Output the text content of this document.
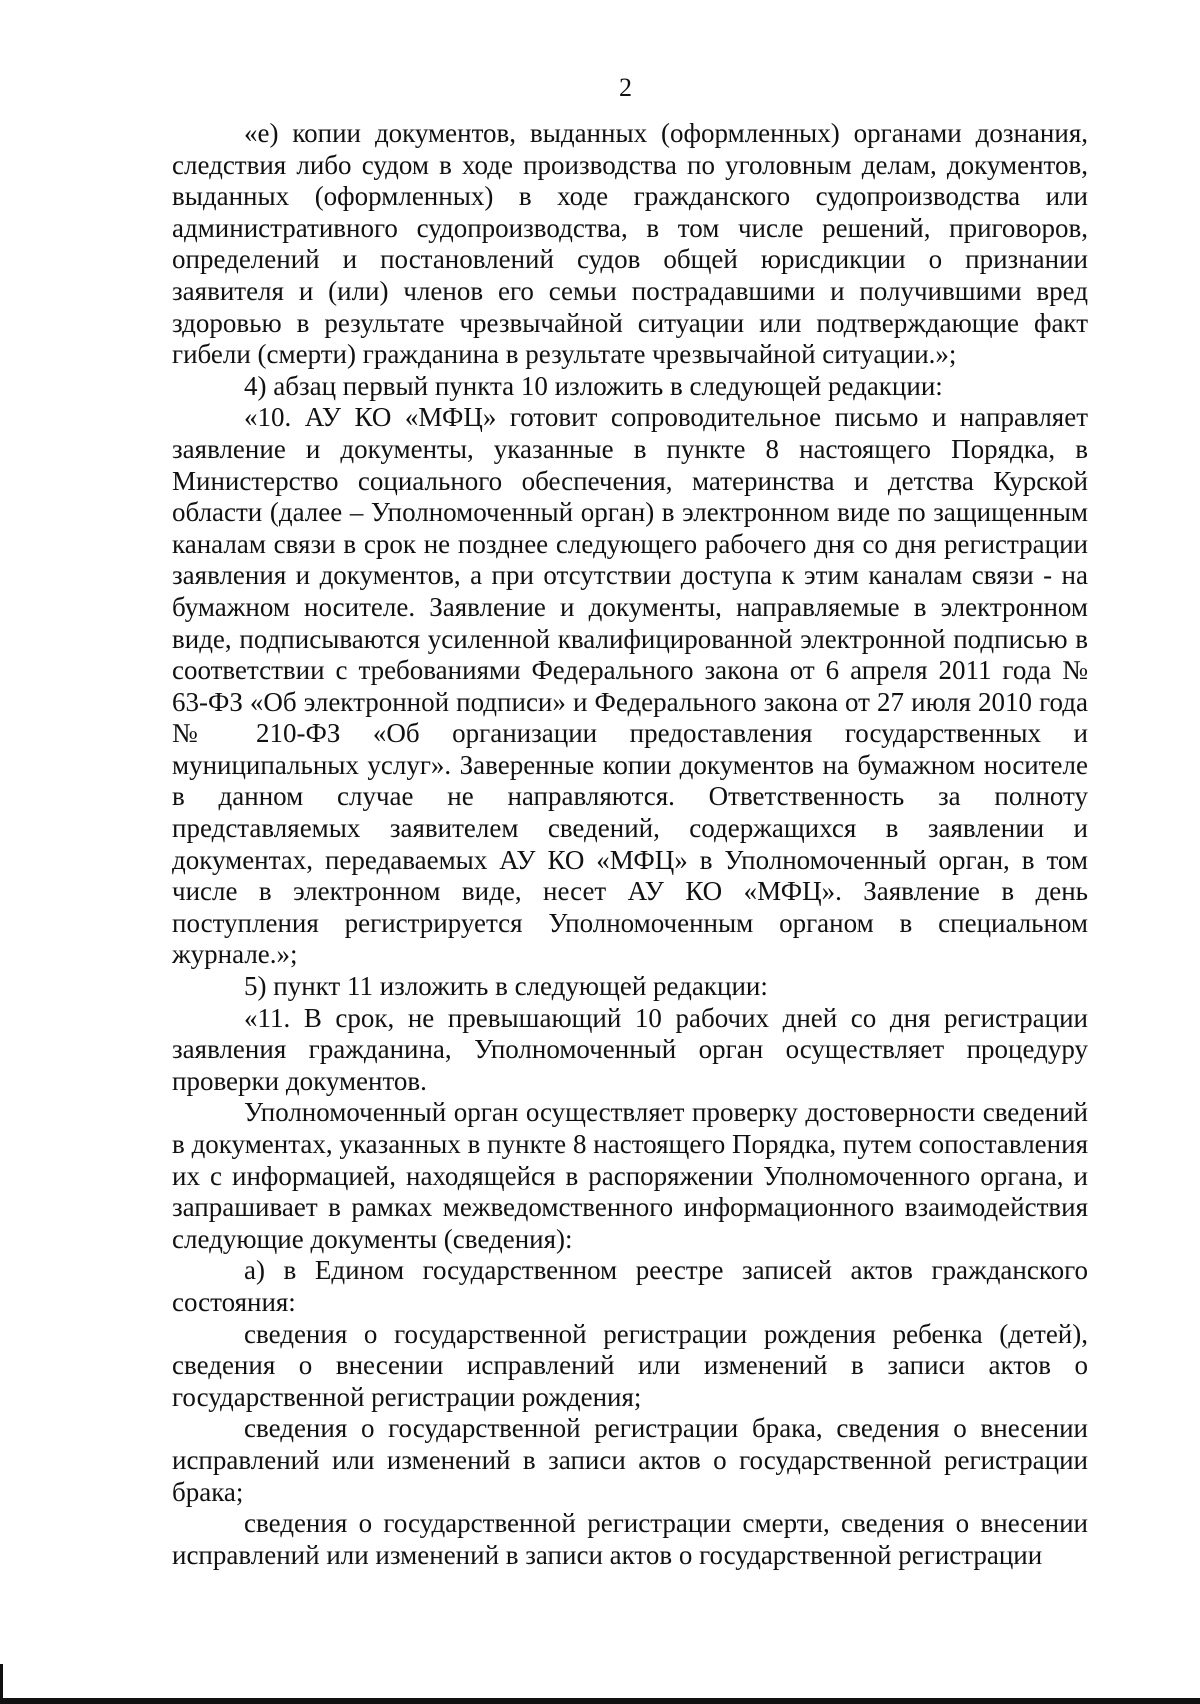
2

«е) копии документов, выданных (оформленных) органами дознания, следствия либо судом в ходе производства по уголовным делам, документов, выданных (оформленных) в ходе гражданского судопроизводства или административного судопроизводства, в том числе решений, приговоров, определений и постановлений судов общей юрисдикции о признании заявителя и (или) членов его семьи пострадавшими и получившими вред здоровью в результате чрезвычайной ситуации или подтверждающие факт гибели (смерти) гражданина в результате чрезвычайной ситуации.»;

4) абзац первый пункта 10 изложить в следующей редакции:

«10. АУ КО «МФЦ» готовит сопроводительное письмо и направляет заявление и документы, указанные в пункте 8 настоящего Порядка, в Министерство социального обеспечения, материнства и детства Курской области (далее – Уполномоченный орган) в электронном виде по защищенным каналам связи в срок не позднее следующего рабочего дня со дня регистрации заявления и документов, а при отсутствии доступа к этим каналам связи - на бумажном носителе. Заявление и документы, направляемые в электронном виде, подписываются усиленной квалифицированной электронной подписью в соответствии с требованиями Федерального закона от 6 апреля 2011 года № 63-ФЗ «Об электронной подписи» и Федерального закона от 27 июля 2010 года № 210-ФЗ «Об организации предоставления государственных и муниципальных услуг». Заверенные копии документов на бумажном носителе в данном случае не направляются. Ответственность за полноту представляемых заявителем сведений, содержащихся в заявлении и документах, передаваемых АУ КО «МФЦ» в Уполномоченный орган, в том числе в электронном виде, несет АУ КО «МФЦ». Заявление в день поступления регистрируется Уполномоченным органом в специальном журнале.»;

5) пункт 11 изложить в следующей редакции:

«11. В срок, не превышающий 10 рабочих дней со дня регистрации заявления гражданина, Уполномоченный орган осуществляет процедуру проверки документов.

Уполномоченный орган осуществляет проверку достоверности сведений в документах, указанных в пункте 8 настоящего Порядка, путем сопоставления их с информацией, находящейся в распоряжении Уполномоченного органа, и запрашивает в рамках межведомственного информационного взаимодействия следующие документы (сведения):

а) в Едином государственном реестре записей актов гражданского состояния:

сведения о государственной регистрации рождения ребенка (детей), сведения о внесении исправлений или изменений в записи актов о государственной регистрации рождения;

сведения о государственной регистрации брака, сведения о внесении исправлений или изменений в записи актов о государственной регистрации брака;

сведения о государственной регистрации смерти, сведения о внесении исправлений или изменений в записи актов о государственной регистрации
